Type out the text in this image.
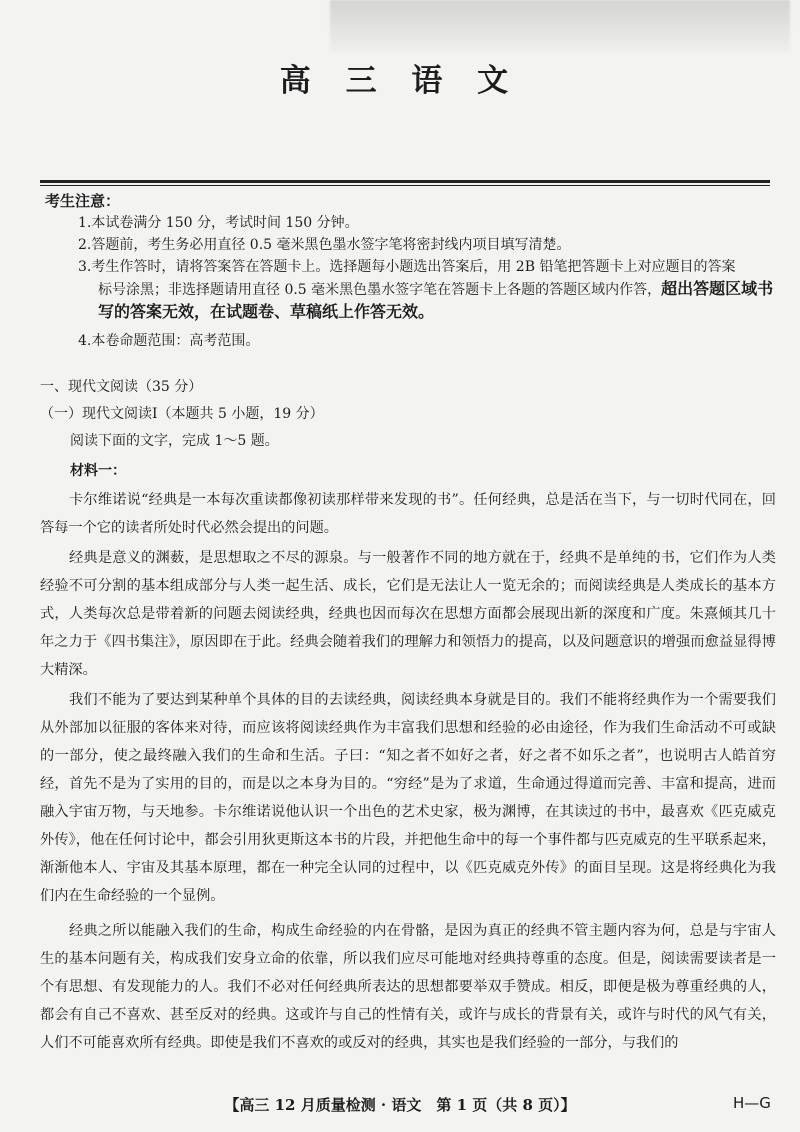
高 三 语 文
考生注意：
1.本试卷满分 150 分，考试时间 150 分钟。
2.答题前，考生务必用直径 0.5 毫米黑色墨水签字笔将密封线内项目填写清楚。
3.考生作答时，请将答案答在答题卡上。选择题每小题选出答案后，用 2B 铅笔把答题卡上对应题目的答案
标号涂黑；非选择题请用直径 0.5 毫米黑色墨水签字笔在答题卡上各题的答题区域内作答，超出答题区域书写的答案无效，在试题卷、草稿纸上作答无效。
4.本卷命题范围：高考范围。
一、现代文阅读（35 分）
（一）现代文阅读Ⅰ（本题共 5 小题，19 分）
阅读下面的文字，完成 1～5 题。
材料一：
卡尔维诺说“经典是一本每次重读都像初读那样带来发现的书”。任何经典，总是活在当下，与一切时代同在，回答每一个它的读者所处时代必然会提出的问题。
经典是意义的渊薮，是思想取之不尽的源泉。与一般著作不同的地方就在于，经典不是单纯的书，它们作为人类经验不可分割的基本组成部分与人类一起生活、成长，它们是无法让人一览无余的；而阅读经典是人类成长的基本方式，人类每次总是带着新的问题去阅读经典，经典也因而每次在思想方面都会展现出新的深度和广度。朱熹倾其几十年之力于《四书集注》，原因即在于此。经典会随着我们的理解力和领悟力的提高，以及问题意识的增强而愈益显得博大精深。
我们不能为了要达到某种单个具体的目的去读经典，阅读经典本身就是目的。我们不能将经典作为一个需要我们从外部加以征服的客体来对待，而应该将阅读经典作为丰富我们思想和经验的必由途径，作为我们生命活动不可或缺的一部分，使之最终融入我们的生命和生活。子曰：“知之者不如好之者，好之者不如乐之者”，也说明古人皓首穷经，首先不是为了实用的目的，而是以之本身为目的。“穷经”是为了求道，生命通过得道而完善、丰富和提高，进而融入宇宙万物，与天地参。卡尔维诺说他认识一个出色的艺术史家，极为渊博，在其读过的书中，最喜欢《匹克威克外传》，他在任何讨论中，都会引用狄更斯这本书的片段，并把他生命中的每一个事件都与匹克威克的生平联系起来，渐渐他本人、宇宙及其基本原理，都在一种完全认同的过程中，以《匹克威克外传》的面目呈现。这是将经典化为我们内在生命经验的一个显例。
经典之所以能融入我们的生命，构成生命经验的内在骨骼，是因为真正的经典不管主题内容为何，总是与宇宙人生的基本问题有关，构成我们安身立命的依靠，所以我们应尽可能地对经典持尊重的态度。但是，阅读需要读者是一个有思想、有发现能力的人。我们不必对任何经典所表达的思想都要举双手赞成。相反，即便是极为尊重经典的人，都会有自己不喜欢、甚至反对的经典。这或许与自己的性情有关，或许与成长的背景有关，或许与时代的风气有关，人们不可能喜欢所有经典。即使是我们不喜欢的或反对的经典，其实也是我们经验的一部分，与我们的
【高三 12 月质量检测 · 语文　第 1 页（共 8 页）】	H—G
